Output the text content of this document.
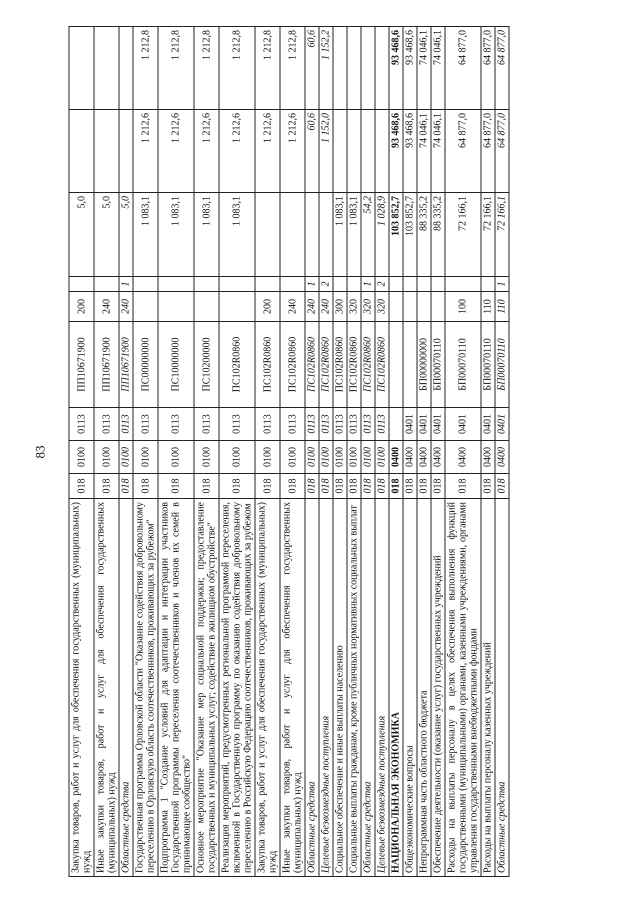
83
Закупка товаров, работ и услуг для обеспечения государственных (муниципальных) нужд	018	0100	0113	ПП10671900	200		5,0		
Иные закупки товаров, работ и услуг для обеспечения государственных (муниципальных) нужд	018	0100	0113	ПП10671900	240		5,0		
Областные средства	018	0100	0113	ПП10671900	240	1	5,0		
Государственная программа Орловской области "Оказание содействия добровольному переселению в Орловскую область соотечественников, проживающих за рубежом"	018	0100	0113	ПС00000000			1 083,1	1 212,6	1 212,8
Подпрограмма 1 "Создание условий для адаптации и интеграции участников Государственной программы переселения соотечественников и членов их семей в принимающее сообщество"	018	0100	0113	ПС10000000			1 083,1	1 212,6	1 212,8
Основное мероприятие "Оказание мер социальной поддержки; предоставление государственных и муниципальных услуг; содействие в жилищном обустройстве"	018	0100	0113	ПС10200000			1 083,1	1 212,6	1 212,8
Реализация мероприятий, предусмотренных региональной программой переселения, включенной в Государственную программу по оказанию содействия добровольному переселению в Российскую Федерацию соотечественников, проживающих за рубежом	018	0100	0113	ПС102R0860			1 083,1	1 212,6	1 212,8
Закупка товаров, работ и услуг для обеспечения государственных (муниципальных) нужд	018	0100	0113	ПС102R0860	200			1 212,6	1 212,8
Иные закупки товаров, работ и услуг для обеспечения государственных (муниципальных) нужд	018	0100	0113	ПС102R0860	240			1 212,6	1 212,8
Областные средства	018	0100	0113	ПС102R0860	240	1		60,6	60,6
Целевые безвозмездные поступления	018	0100	0113	ПС102R0860	240	2		1 152,0	1 152,2
Социальное обеспечение и иные выплаты населению	018	0100	0113	ПС102R0860	300		1 083,1		
Социальные выплаты гражданам, кроме публичных нормативных социальных выплат	018	0100	0113	ПС102R0860	320		1 083,1		
Областные средства	018	0100	0113	ПС102R0860	320	1	54,2		
Целевые безвозмездные поступления	018	0100	0113	ПС102R0860	320	2	1 028,9		
НАЦИОНАЛЬНАЯ ЭКОНОМИКА	018	0400					103 852,7	93 468,6	93 468,6
Общеэкономические вопросы	018	0400	0401				103 852,7	93 468,6	93 468,6
Непрограммная часть областного бюджета	018	0400	0401	БП00000000			88 335,2	74 046,1	74 046,1
Обеспечение деятельности (оказание услуг) государственных учреждений	018	0400	0401	БП00070110			88 335,2	74 046,1	74 046,1
Расходы на выплаты персоналу в целях обеспечения выполнения функций государственными (муниципальными) органами, казенными учреждениями, органами управления государственными внебюджетными фондами	018	0400	0401	БП00070110	100		72 166,1	64 877,0	64 877,0
Расходы на выплаты персоналу казенных учреждений	018	0400	0401	БП00070110	110		72 166,1	64 877,0	64 877,0
Областные средства	018	0400	0401	БП00070110	110	1	72 166,1	64 877,0	64 877,0
